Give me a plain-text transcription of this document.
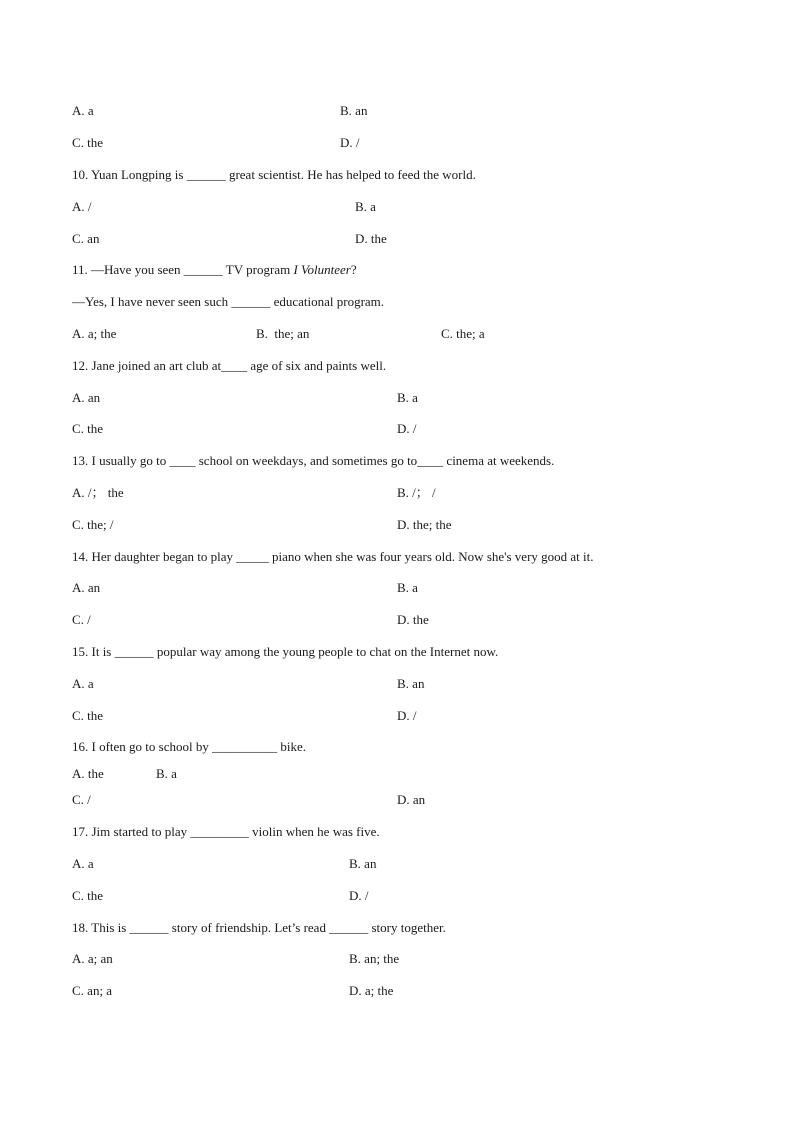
A. a	B. an
C. the	D. /
10. Yuan Longping is ______ great scientist. He has helped to feed the world.
A. /	B. a
C. an	D. the
11. —Have you seen ______ TV program I Volunteer?
—Yes, I have never seen such ______ educational program.
A. a; the	B.  the; an	C. the; a
12. Jane joined an art club at____ age of six and paints well.
A. an	B. a
C. the	D. /
13. I usually go to ____ school on weekdays, and sometimes go to____ cinema at weekends.
A. /； the	B. /； /
C. the; /	D. the; the
14. Her daughter began to play _____ piano when she was four years old. Now she's very good at it.
A. an	B. a
C. /	D. the
15. It is ______ popular way among the young people to chat on the Internet now.
A. a	B. an
C. the	D. /
16. I often go to school by __________ bike.
A. the	B. a
C. /	D. an
17. Jim started to play _________ violin when he was five.
A. a	B. an
C. the	D. /
18. This is ______ story of friendship. Let’s read ______ story together.
A. a; an	B. an; the
C. an; a	D. a; the
